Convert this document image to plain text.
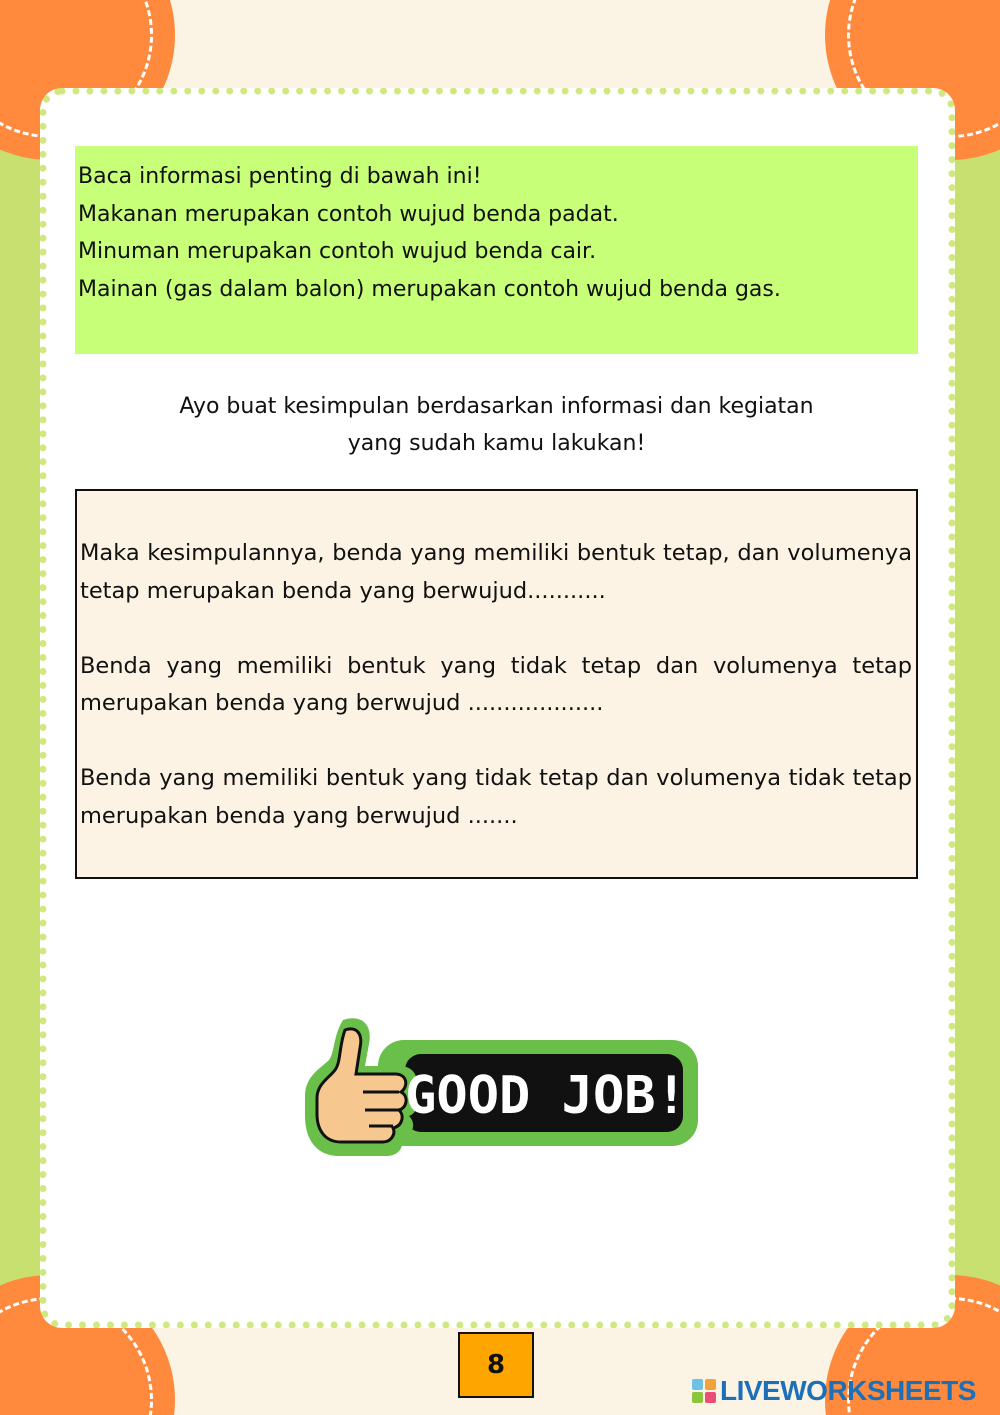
Baca informasi penting di bawah ini!
Makanan merupakan contoh wujud benda padat.
Minuman merupakan contoh wujud benda cair.
Mainan (gas dalam balon) merupakan contoh wujud benda gas.
Ayo buat kesimpulan berdasarkan informasi dan kegiatan
yang sudah kamu lakukan!

Maka kesimpulannya, benda yang memiliki bentuk tetap, dan volumenya tetap merupakan benda yang berwujud...........

Benda yang memiliki bentuk yang tidak tetap dan volumenya tetap merupakan benda yang berwujud ...................

Benda yang memiliki bentuk yang tidak tetap dan volumenya tidak tetap merupakan benda yang berwujud .......

GOOD JOB!
8
LIVEWORKSHEETS
